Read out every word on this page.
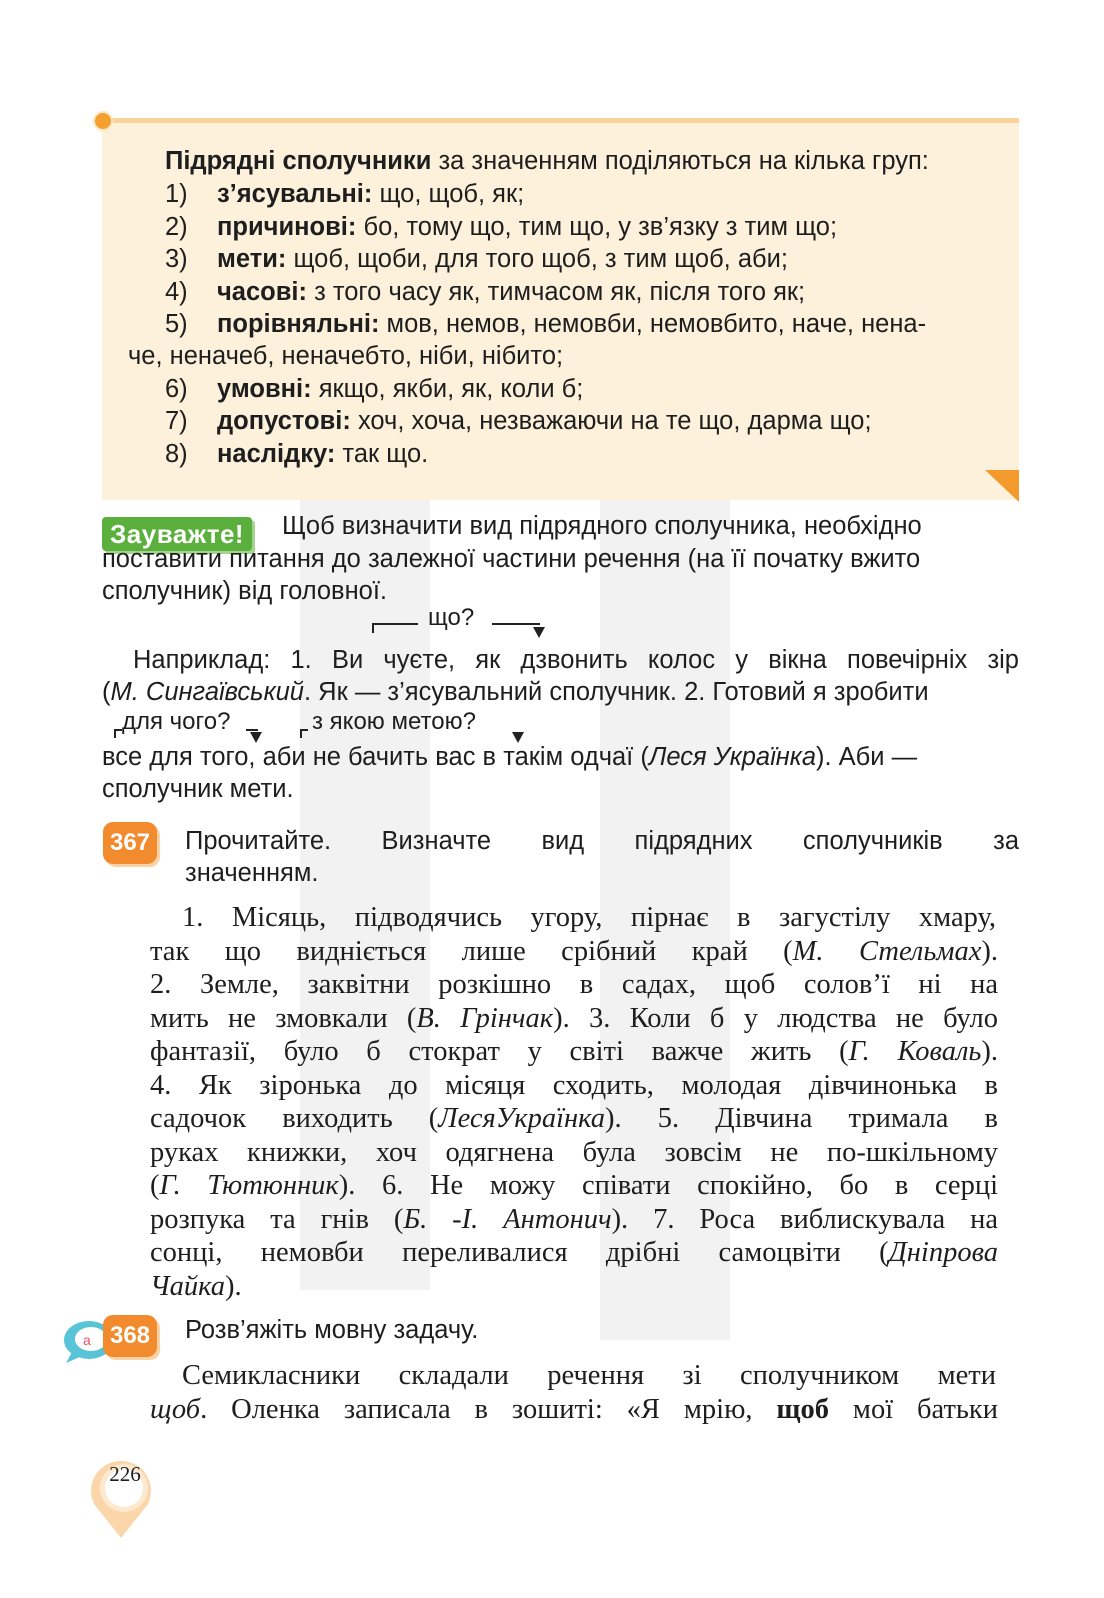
Підрядні сполучники за значенням поділяються на кілька груп:
1) з’ясувальні: що, щоб, як;
2) причинові: бо, тому що, тим що, у зв’язку з тим що;
3) мети: щоб, щоби, для того щоб, з тим щоб, аби;
4) часові: з того часу як, тимчасом як, після того як;
5) порівняльні: мов, немов, немовби, немовбито, наче, нена-
че, неначеб, неначебто, ніби, нібито;
6) умовні: якщо, якби, як, коли б;
7) допустові: хоч, хоча, незважаючи на те що, дарма що;
8) наслідку: так що.
Зауважте!	Щоб визначити вид підрядного сполучника, необхідно
поставити питання до залежної частини речення (на її початку вжито
сполучник) від головної.
що?
Наприклад: 1. Ви чуєте, як дзвонить колос у вікна повечірніх зір
(М. Сингаївський. Як — з’ясувальний сполучник. 2. Готовий я зробити
для чого?	з якою метою?
все для того, аби не бачить вас в такім одчаї (Леся Українка). Аби —
сполучник мети.
367 Прочитайте. Визначте вид підрядних сполучників за
значенням.
1. Місяць, підводячись угору, пірнає в загустілу хмару,
так що видніється лише срібний край (М. Стельмах).
2. Земле, заквітни розкішно в садах, щоб солов’ї ні на
мить не змовкали (В. Грінчак). 3. Коли б у людства не було
фантазії, було б стократ у світі важче жить (Г. Коваль).
4. Як зіронька до місяця сходить, молодая дівчинонька в
садочок виходить (ЛесяУкраїнка). 5. Дівчина тримала в
руках книжки, хоч одягнена була зовсім не по-шкільному
(Г. Тютюнник). 6. Не можу співати спокійно, бо в серці
розпука та гнів (Б. -І. Антонич). 7. Роса виблискувала на
сонці, немовби переливалися дрібні самоцвіти (Дніпрова
Чайка).
a 368 Розв’яжіть мовну задачу.
Семикласники складали речення зі сполучником мети
щоб. Оленка записала в зошиті: «Я мрію, щоб мої батьки
226
